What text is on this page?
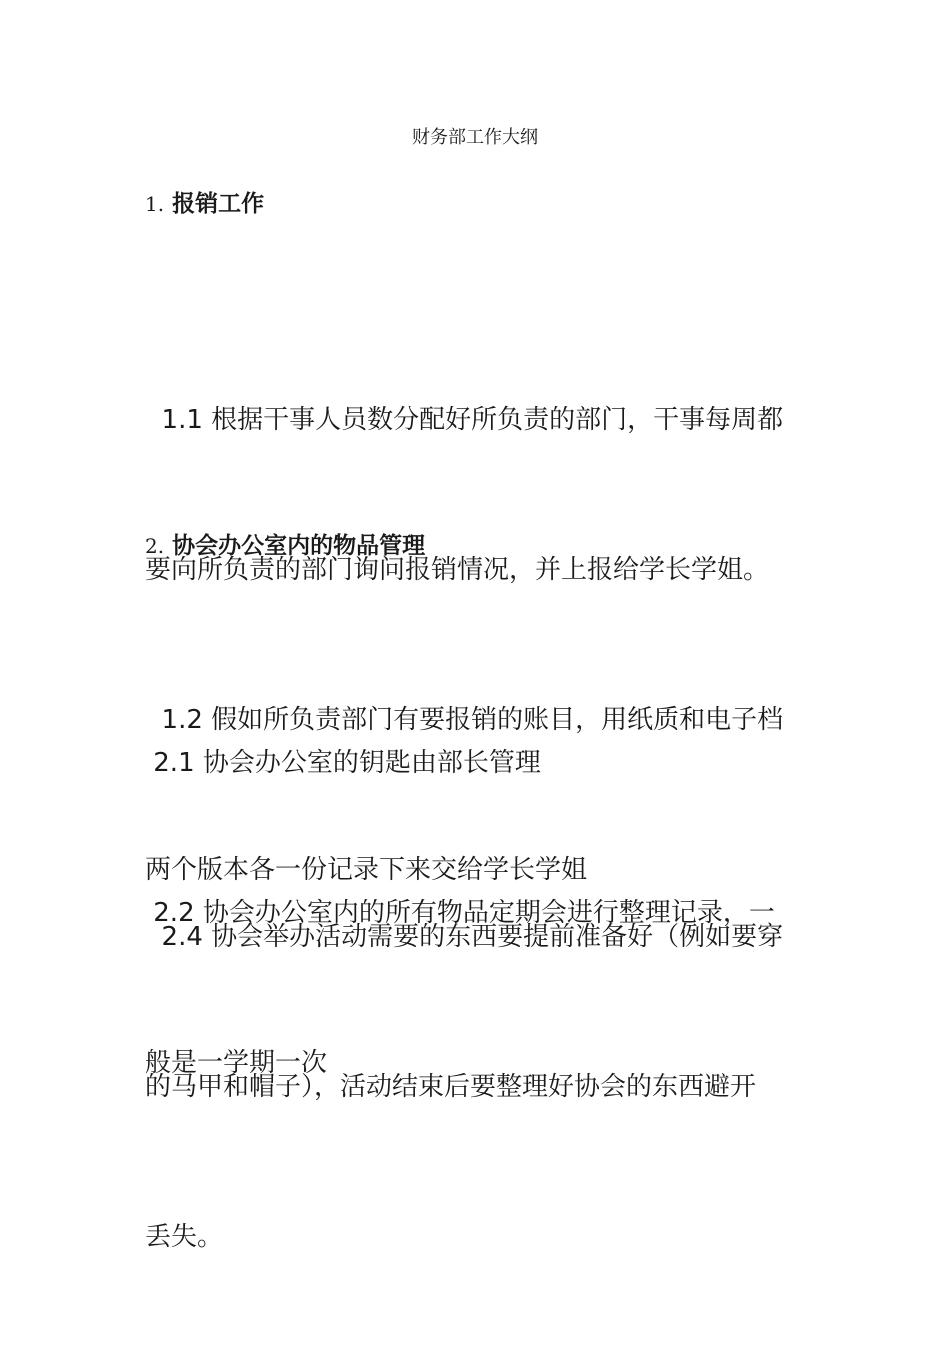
财务部工作大纲
1. 报销工作

1.1 根据干事人员数分配好所负责的部门，干事每周都

要向所负责的部门询问报销情况，并上报给学长学姐。

1.2 假如所负责部门有要报销的账目，用纸质和电子档

两个版本各一份记录下来交给学长学姐

2. 协会办公室内的物品管理

2.1 协会办公室的钥匙由部长管理

2.2 协会办公室内的所有物品定期会进行整理记录，一

般是一学期一次

2.4 协会举办活动需要的东西要提前准备好（例如要穿

的马甲和帽子），活动结束后要整理好协会的东西避开

丢失。
